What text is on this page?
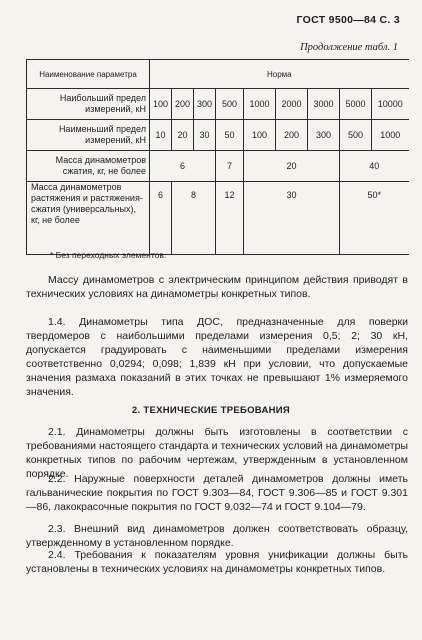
ГОСТ 9500—84 С. 3
Продолжение табл. 1
Наименование параметра	Норма								
Наибольший предел измерений, кН	100	200	300	500	1000	2000	3000	5000	10000
Наименьший предел измерений, кН	10	20	30	50	100	200	300	500	1000
Масса динамометров сжатия, кг, не более	6			7	20			40	
Масса динамометров растяжения и растяжения-сжатия (универсальных), кг, не более	6	8		12	30			50*	
* Без переходных элементов.

Массу динамометров с электрическим принципом действия приводят в технических условиях на динамометры конкретных типов.

1.4. Динамометры типа ДОС, предназначенные для поверки твердомеров с наибольшими пределами измерения 0,5; 2; 30 кН, допускается градуировать с наименьшими пределами измерения соответственно 0,0294; 0,098; 1,839 кН при условии, что допускаемые значения размаха показаний в этих точках не превышают 1% измеряемого значения.

2. ТЕХНИЧЕСКИЕ ТРЕБОВАНИЯ

2.1. Динамометры должны быть изготовлены в соответствии с требованиями настоящего стандарта и технических условий на динамометры конкретных типов по рабочим чертежам, утвержденным в установленном порядке.

2.2. Наружные поверхности деталей динамометров должны иметь гальванические покрытия по ГОСТ 9.303—84, ГОСТ 9.306—85 и ГОСТ 9.301—86, лакокрасочные покрытия по ГОСТ 9.032—74 и ГОСТ 9.104—79.

2.3. Внешний вид динамометров должен соответствовать образцу, утвержденному в установленном порядке.

2.4. Требования к показателям уровня унификации должны быть установлены в технических условиях на динамометры конкретных типов.
